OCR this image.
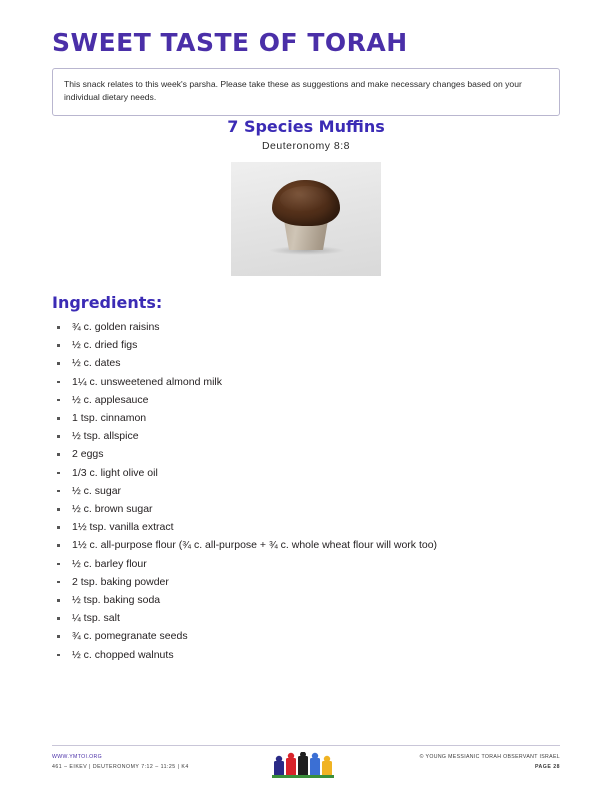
SWEET TASTE OF TORAH
This snack relates to this week's parsha. Please take these as suggestions and make necessary changes based on your individual dietary needs.
7 Species Muffins
Deuteronomy 8:8
Ingredients:
¾ c. golden raisins
½ c. dried figs
½ c. dates
1¼ c. unsweetened almond milk
½ c. applesauce
1 tsp. cinnamon
½ tsp. allspice
2 eggs
1/3 c. light olive oil
½ c. sugar
½ c. brown sugar
1½ tsp. vanilla extract
1½ c. all-purpose flour (¾ c. all-purpose + ¾ c. whole wheat flour will work too)
½ c. barley flour
2 tsp. baking powder
½ tsp. baking soda
¼ tsp. salt
¾ c. pomegranate seeds
½ c. chopped walnuts
WWW.YMTOI.ORG
461 – EIKEV | DEUTERONOMY 7:12 – 11:25 | K4
© YOUNG MESSIANIC TORAH OBSERVANT ISRAEL
PAGE 28
